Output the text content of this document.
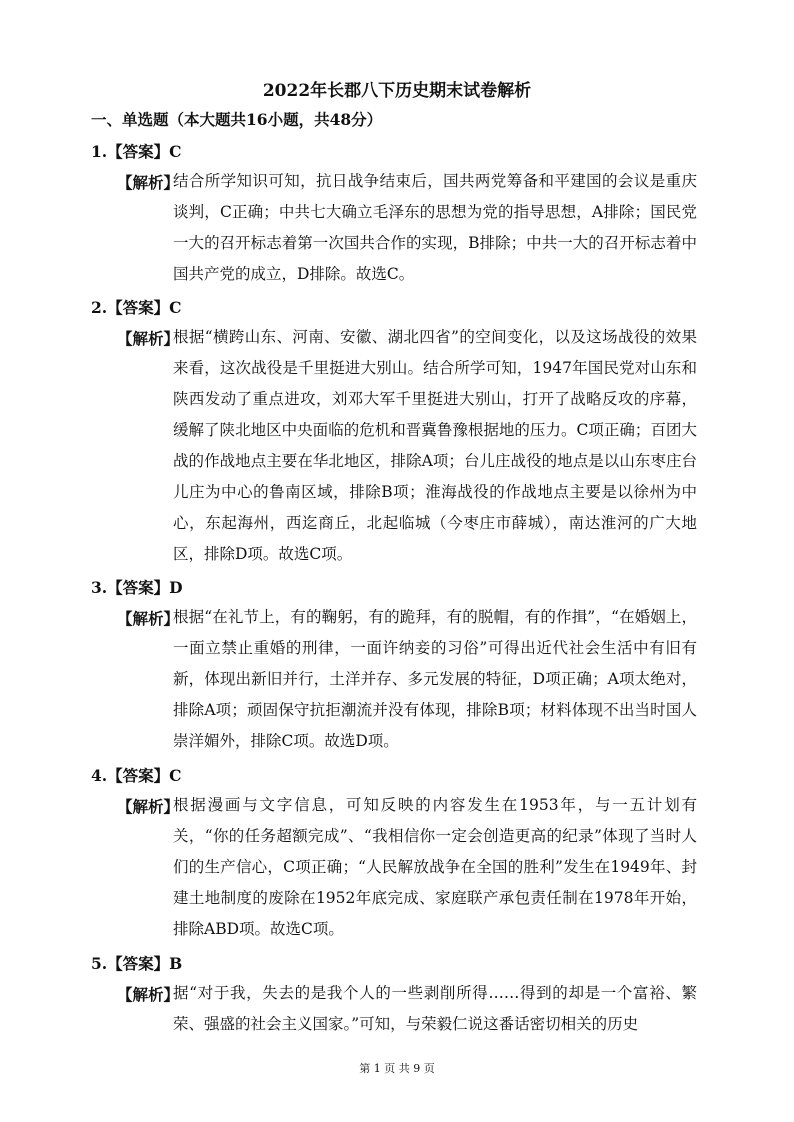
2022年长郡八下历史期末试卷解析
一、单选题（本大题共16小题，共48分）
1.【答案】C
【解析】
结合所学知识可知，抗日战争结束后，国共两党筹备和平建国的会议是重庆谈判，C正确；中共七大确立毛泽东的思想为党的指导思想，A排除；国民党一大的召开标志着第一次国共合作的实现，B排除；中共一大的召开标志着中国共产党的成立，D排除。故选C。
2.【答案】C
【解析】
根据“横跨山东、河南、安徽、湖北四省”的空间变化，以及这场战役的效果来看，这次战役是千里挺进大别山。结合所学可知，1947年国民党对山东和陕西发动了重点进攻，刘邓大军千里挺进大别山，打开了战略反攻的序幕，缓解了陕北地区中央面临的危机和晋冀鲁豫根据地的压力。C项正确；百团大战的作战地点主要在华北地区，排除A项；台儿庄战役的地点是以山东枣庄台儿庄为中心的鲁南区域，排除B项；淮海战役的作战地点主要是以徐州为中心，东起海州，西迄商丘，北起临城（今枣庄市薛城），南达淮河的广大地区，排除D项。故选C项。
3.【答案】D
【解析】
根据“在礼节上，有的鞠躬，有的跪拜，有的脱帽，有的作揖”，“在婚姻上，一面立禁止重婚的刑律，一面许纳妾的习俗”可得出近代社会生活中有旧有新，体现出新旧并行，土洋并存、多元发展的特征，D项正确；A项太绝对，排除A项；顽固保守抗拒潮流并没有体现，排除B项；材料体现不出当时国人崇洋媚外，排除C项。故选D项。
4.【答案】C
【解析】
根据漫画与文字信息，可知反映的内容发生在1953年，与一五计划有关，“你的任务超额完成”、“我相信你一定会创造更高的纪录”体现了当时人们的生产信心，C项正确；“人民解放战争在全国的胜利”发生在1949年、封建土地制度的废除在1952年底完成、家庭联产承包责任制在1978年开始，排除ABD项。故选C项。
5.【答案】B
【解析】
据“对于我，失去的是我个人的一些剥削所得……得到的却是一个富裕、繁荣、强盛的社会主义国家。”可知，与荣毅仁说这番话密切相关的历史
第 1 页 共 9 页
